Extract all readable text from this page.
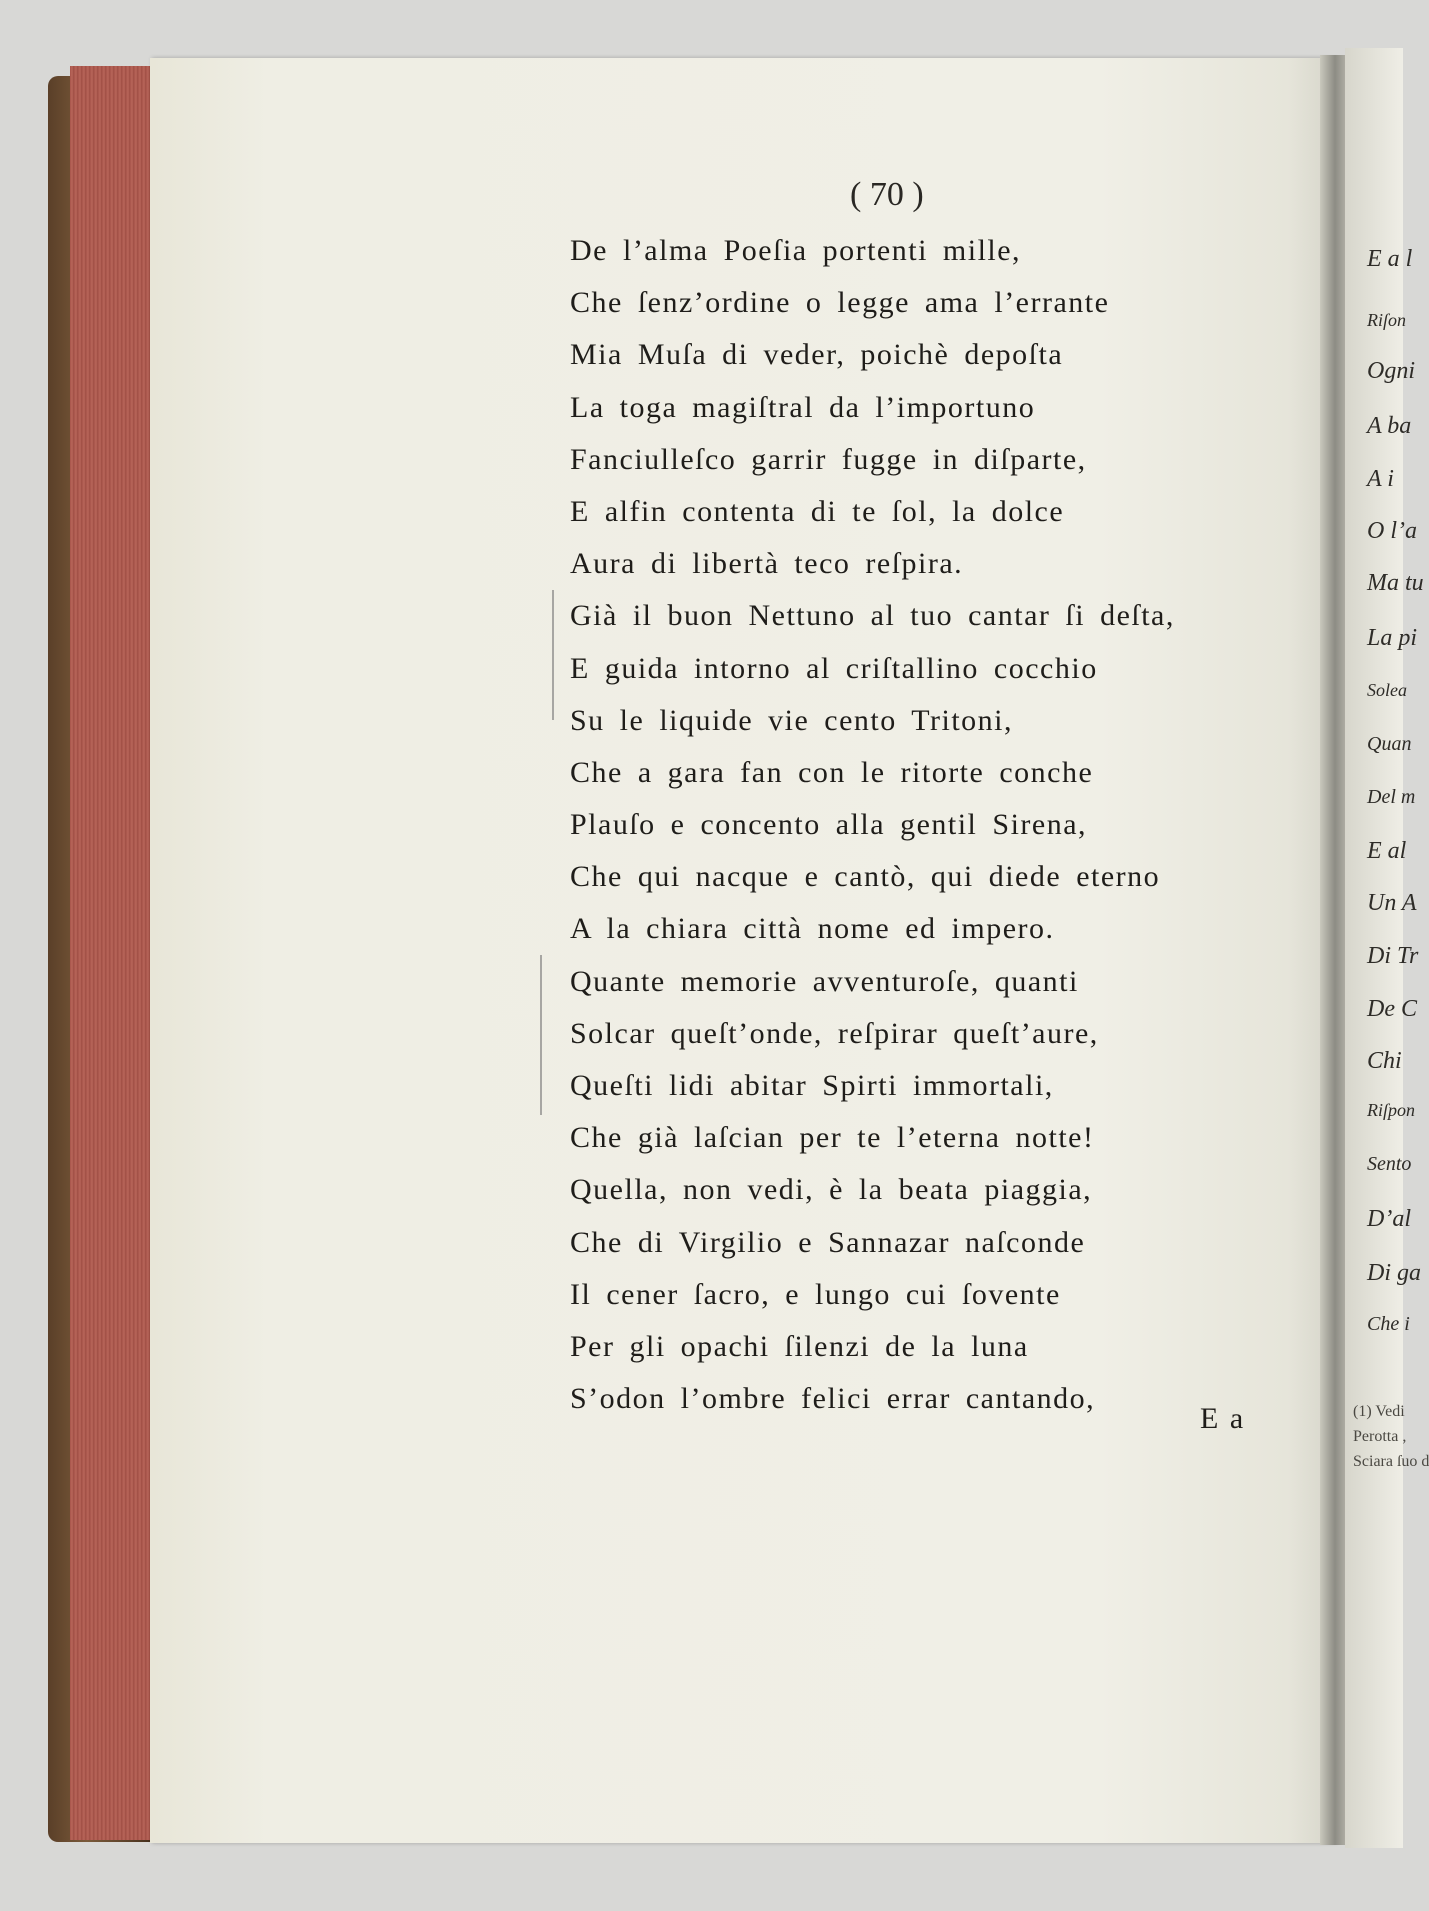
E a l
Riſon
Ogni
A ba
A i
O l’a
Ma tu
La pi
Solea
Quan
Del m
E al
Un A
Di Tr
De C
Chi
Riſpon
Sento
D’al
Di ga
Che i
(1) Vedi
Perotta ,
Sciara ſuo d
( 70 )
De l’alma Poeſia portenti mille,
Che ſenz’ordine o legge ama l’errante
Mia Muſa di veder, poichè depoſta
La toga magiſtral da l’importuno
Fanciulleſco garrir fugge in diſparte,
E alfin contenta di te ſol, la dolce
Aura di libertà teco reſpira.
Già il buon Nettuno al tuo cantar ſi deſta,
E guida intorno al criſtallino cocchio
Su le liquide vie cento Tritoni,
Che a gara fan con le ritorte conche
Plauſo e concento alla gentil Sirena,
Che qui nacque e cantò, qui diede eterno
A la chiara città nome ed impero.
Quante memorie avventuroſe, quanti
Solcar queſt’onde, reſpirar queſt’aure,
Queſti lidi abitar Spirti immortali,
Che già laſcian per te l’eterna notte!
Quella, non vedi, è la beata piaggia,
Che di Virgilio e Sannazar naſconde
Il cener ſacro, e lungo cui ſovente
Per gli opachi ſilenzi de la luna
S’odon l’ombre felici errar cantando,
E a
